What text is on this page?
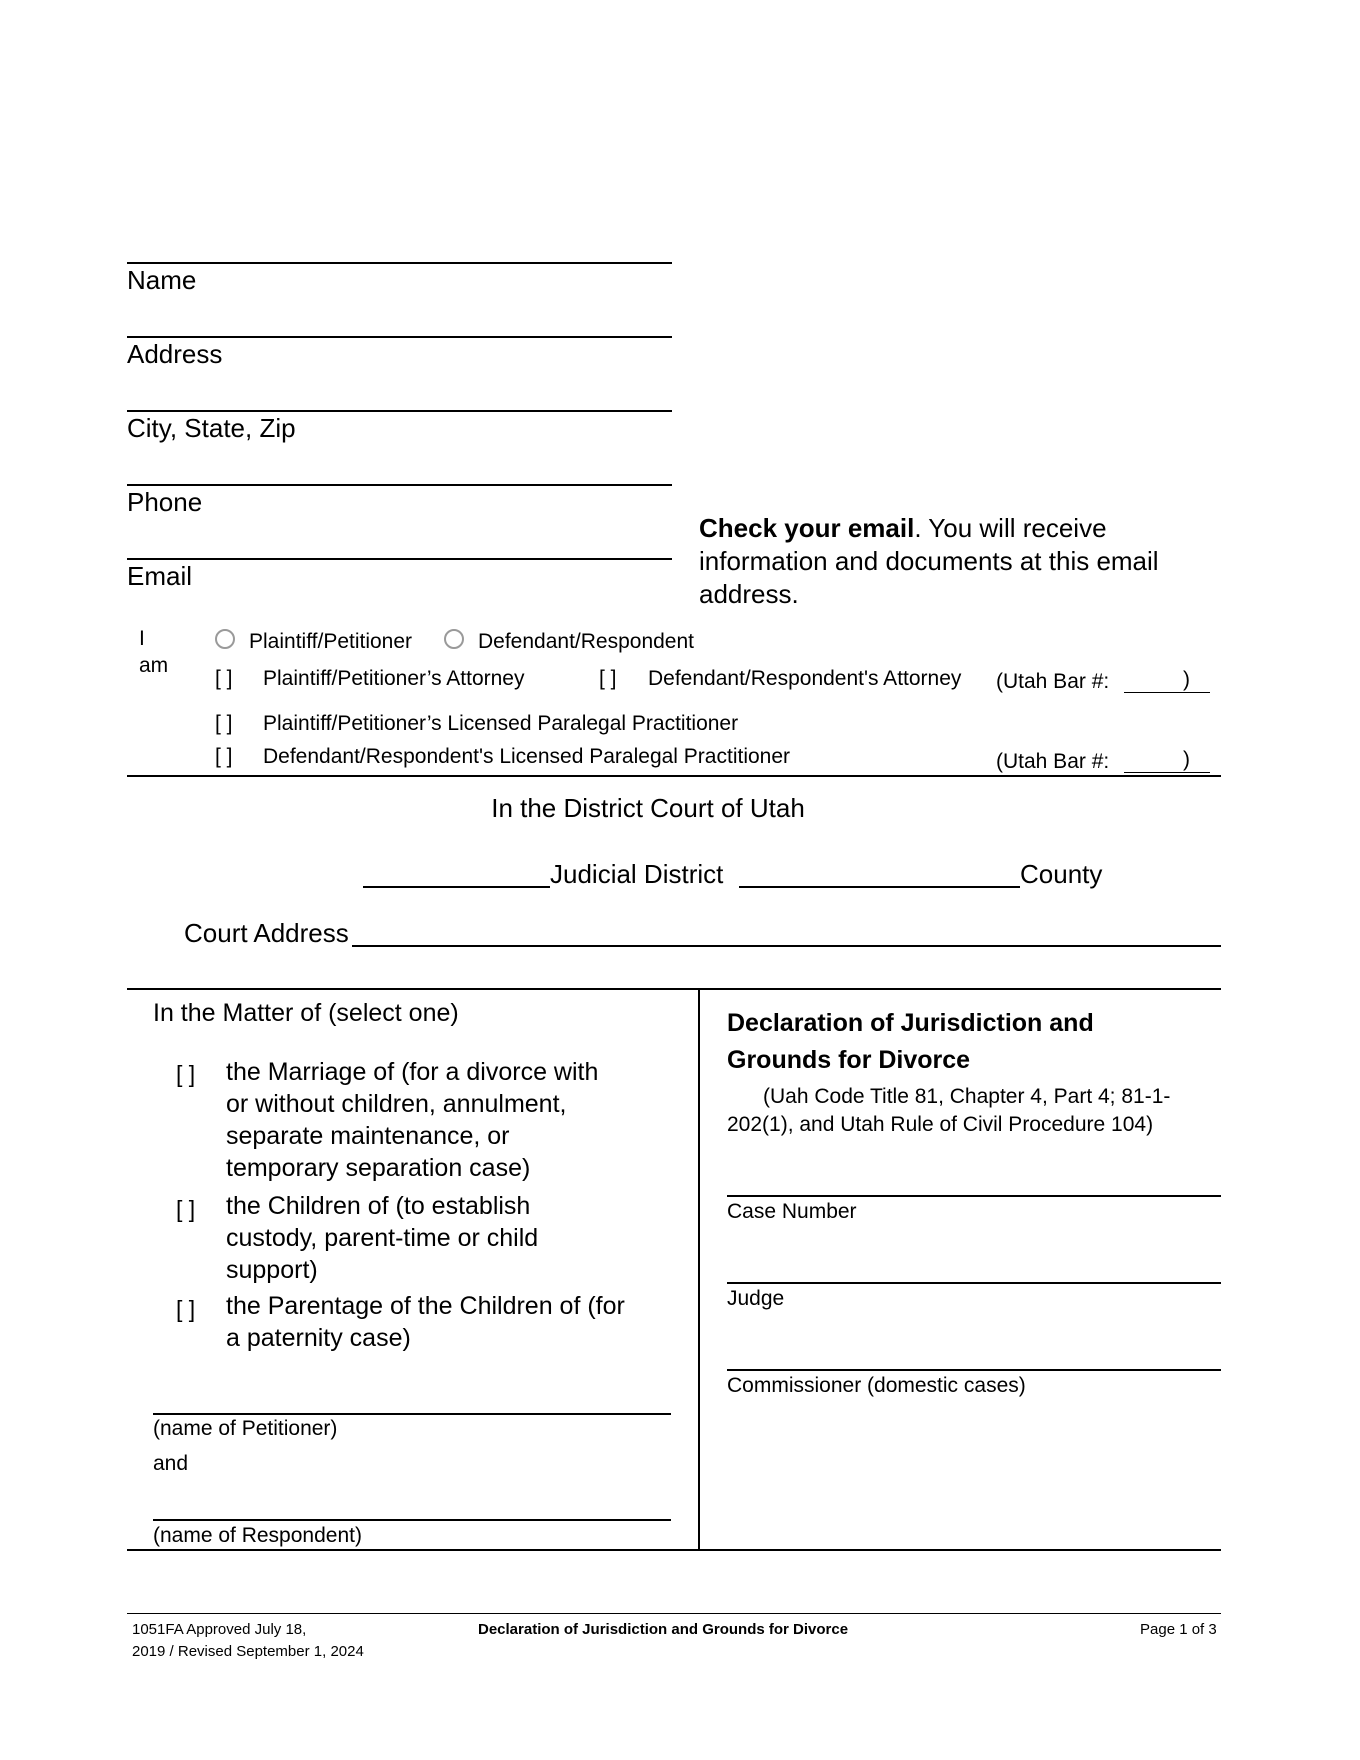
Name
Address
City, State, Zip
Phone
Email
Check your email. You will receive
information and documents at this email
address.
I
am
Plaintiff/Petitioner	Defendant/Respondent
[ ] Plaintiff/Petitioner’s Attorney	[ ] Defendant/Respondent's Attorney (Utah Bar #:	)
[ ] Plaintiff/Petitioner’s Licensed Paralegal Practitioner
[ ] Defendant/Respondent's Licensed Paralegal Practitioner	(Utah Bar #:	)
In the District Court of Utah
Judicial District	County
Court Address
In the Matter of (select one)
[ ] the Marriage of (for a divorce with
or without children, annulment,
separate maintenance, or
temporary separation case)
[ ] the Children of (to establish
custody, parent-time or child
support)
[ ] the Parentage of the Children of (for
a paternity case)
(name of Petitioner)
and
(name of Respondent)
Declaration of Jurisdiction and
Grounds for Divorce
(Uah Code Title 81, Chapter 4, Part 4; 81-1-
202(1), and Utah Rule of Civil Procedure 104)
Case Number
Judge
Commissioner (domestic cases)
1051FA Approved July 18,
2019 / Revised September 1, 2024
Declaration of Jurisdiction and Grounds for Divorce	Page 1 of 3
